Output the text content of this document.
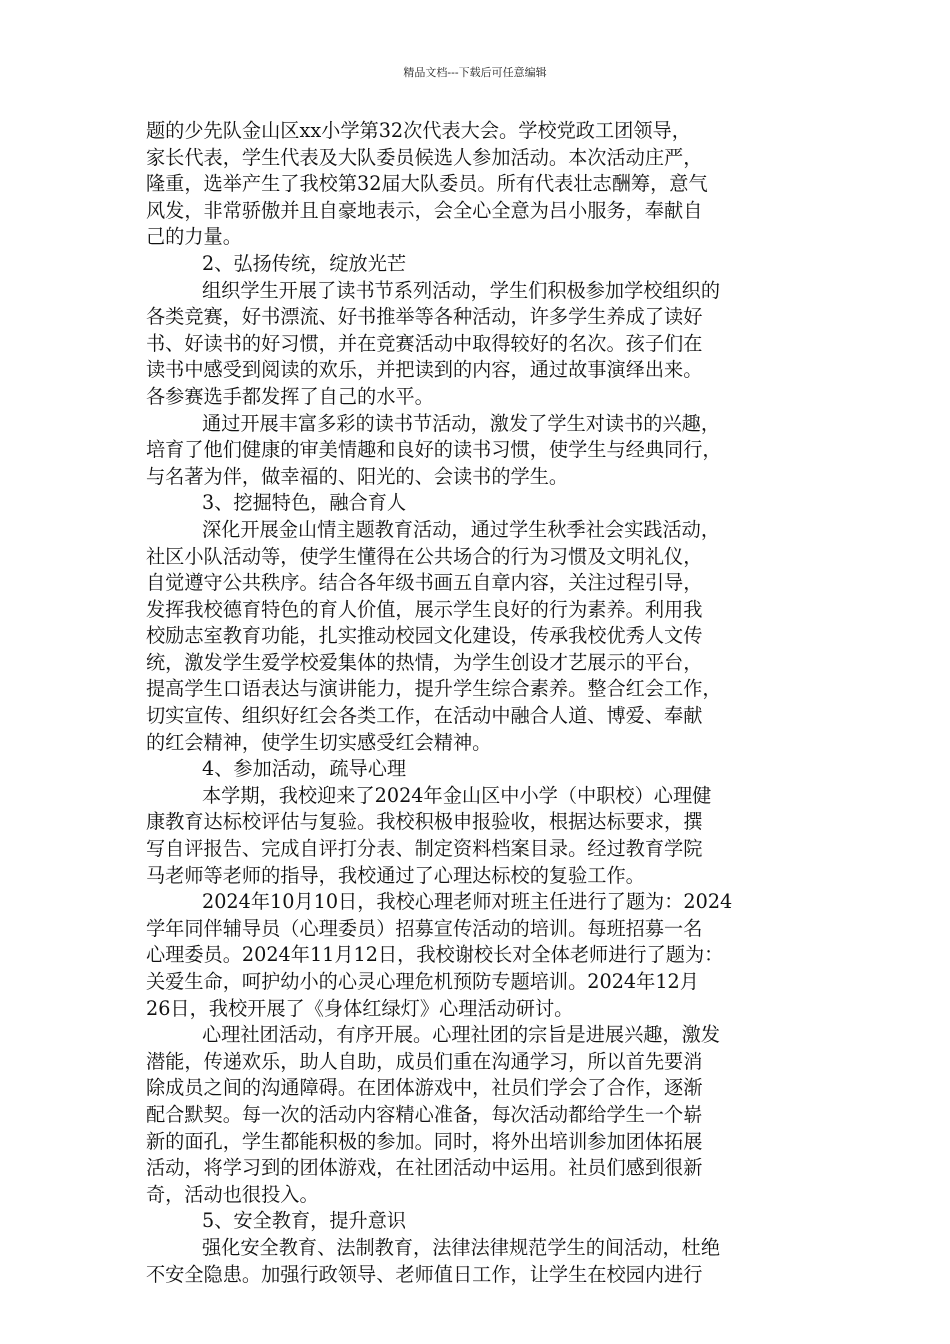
精品文档---下载后可任意编辑
题的少先队金山区xx小学第32次代表大会。学校党政工团领导，
家长代表，学生代表及大队委员候选人参加活动。本次活动庄严，
隆重，选举产生了我校第32届大队委员。所有代表壮志酬筹，意气
风发，非常骄傲并且自豪地表示，会全心全意为吕小服务，奉献自
己的力量。
2、弘扬传统，绽放光芒
组织学生开展了读书节系列活动，学生们积极参加学校组织的
各类竞赛，好书漂流、好书推举等各种活动，许多学生养成了读好
书、好读书的好习惯，并在竞赛活动中取得较好的名次。孩子们在
读书中感受到阅读的欢乐，并把读到的内容，通过故事演绎出来。
各参赛选手都发挥了自己的水平。
通过开展丰富多彩的读书节活动，激发了学生对读书的兴趣，
培育了他们健康的审美情趣和良好的读书习惯，使学生与经典同行，
与名著为伴，做幸福的、阳光的、会读书的学生。
3、挖掘特色，融合育人
深化开展金山情主题教育活动，通过学生秋季社会实践活动，
社区小队活动等，使学生懂得在公共场合的行为习惯及文明礼仪，
自觉遵守公共秩序。结合各年级书画五自章内容，关注过程引导，
发挥我校德育特色的育人价值，展示学生良好的行为素养。利用我
校励志室教育功能，扎实推动校园文化建设，传承我校优秀人文传
统，激发学生爱学校爱集体的热情，为学生创设才艺展示的平台，
提高学生口语表达与演讲能力，提升学生综合素养。整合红会工作，
切实宣传、组织好红会各类工作，在活动中融合人道、博爱、奉献
的红会精神，使学生切实感受红会精神。
4、参加活动，疏导心理
本学期，我校迎来了2024年金山区中小学（中职校）心理健
康教育达标校评估与复验。我校积极申报验收，根据达标要求，撰
写自评报告、完成自评打分表、制定资料档案目录。经过教育学院
马老师等老师的指导，我校通过了心理达标校的复验工作。
2024年10月10日，我校心理老师对班主任进行了题为：2024
学年同伴辅导员（心理委员）招募宣传活动的培训。每班招募一名
心理委员。2024年11月12日，我校谢校长对全体老师进行了题为：
关爱生命，呵护幼小的心灵心理危机预防专题培训。2024年12月
26日，我校开展了《身体红绿灯》心理活动研讨。
心理社团活动，有序开展。心理社团的宗旨是进展兴趣，激发
潜能，传递欢乐，助人自助，成员们重在沟通学习，所以首先要消
除成员之间的沟通障碍。在团体游戏中，社员们学会了合作，逐渐
配合默契。每一次的活动内容精心准备，每次活动都给学生一个崭
新的面孔，学生都能积极的参加。同时，将外出培训参加团体拓展
活动，将学习到的团体游戏，在社团活动中运用。社员们感到很新
奇，活动也很投入。
5、安全教育，提升意识
强化安全教育、法制教育，法律法律规范学生的间活动，杜绝
不安全隐患。加强行政领导、老师值日工作，让学生在校园内进行
